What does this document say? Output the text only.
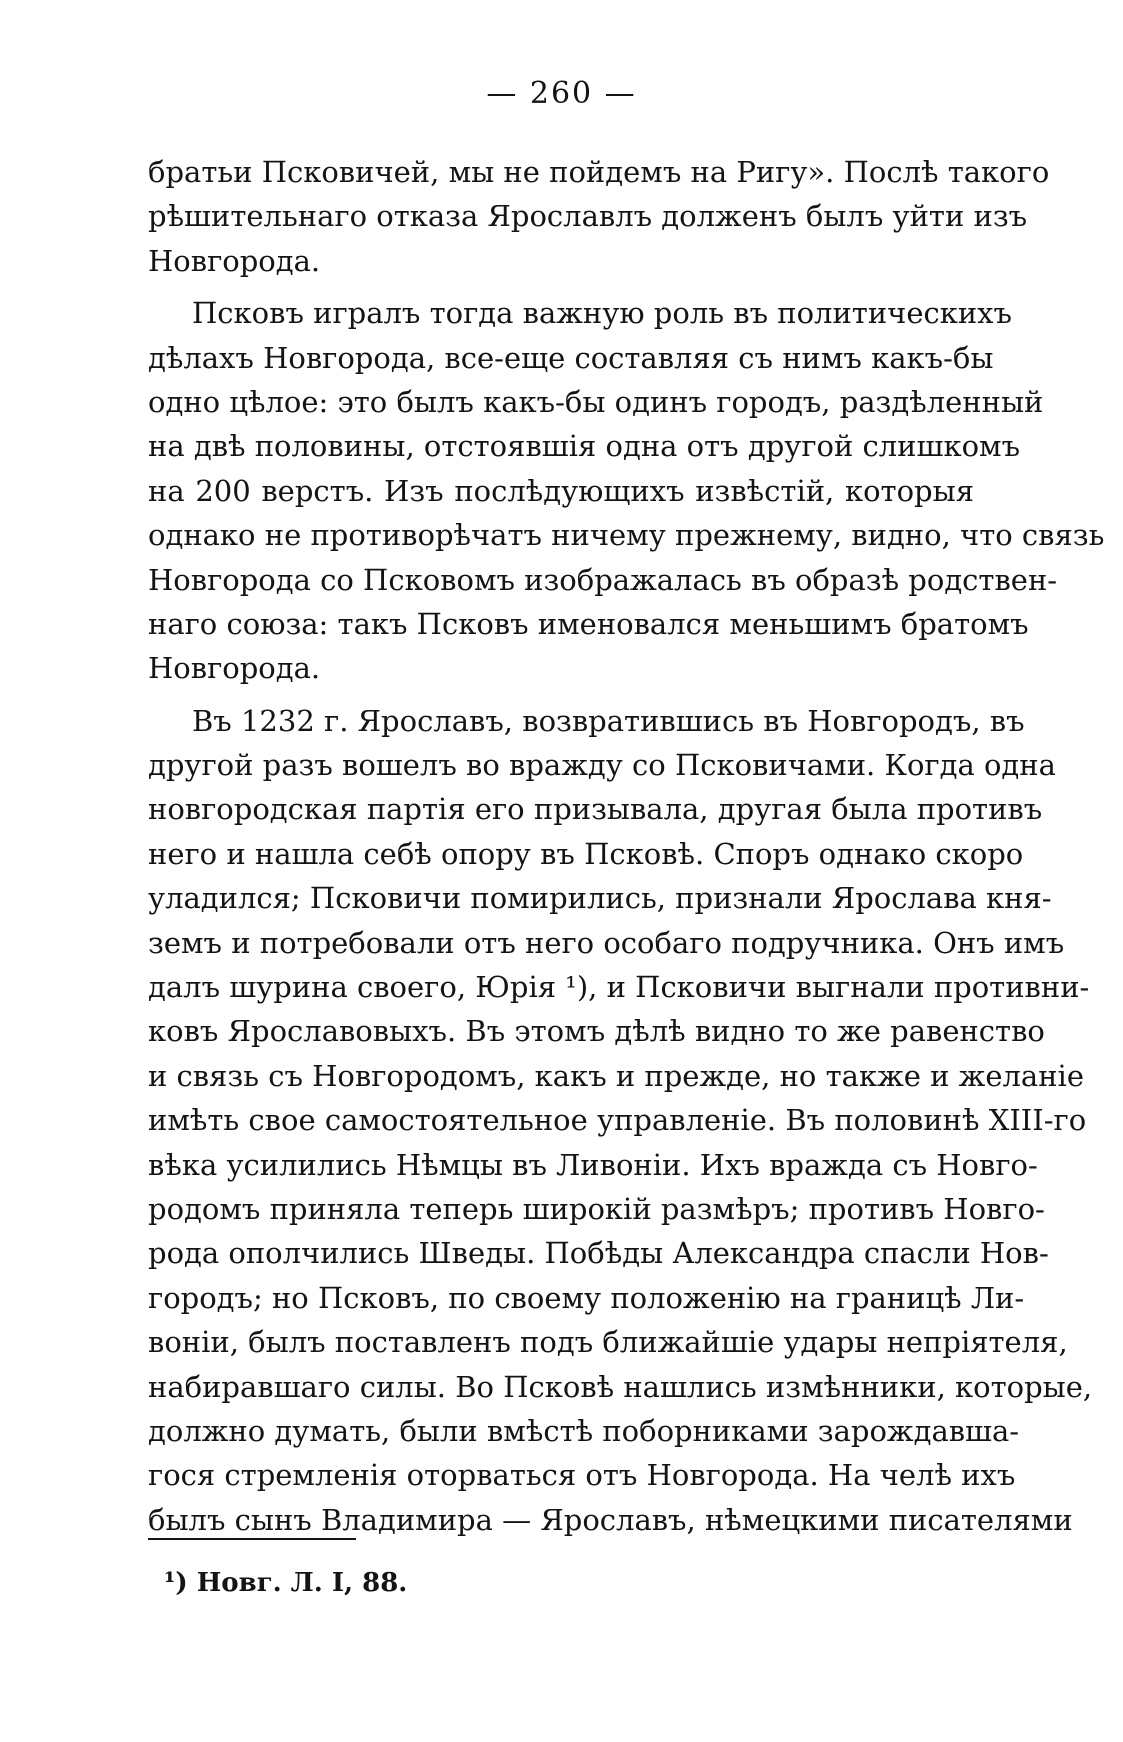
— 260 —
братьи Псковичей, мы не пойдемъ на Ригу». Послѣ такого
рѣшительнаго отказа Ярославлъ долженъ былъ уйти изъ
Новгорода.
Псковъ игралъ тогда важную роль въ политическихъ
дѣлахъ Новгорода, все-еще составляя съ нимъ какъ-бы
одно цѣлое: это былъ какъ-бы одинъ городъ, раздѣленный
на двѣ половины, отстоявшія одна отъ другой слишкомъ
на 200 верстъ. Изъ послѣдующихъ извѣстій, которыя
однако не противорѣчатъ ничему прежнему, видно, что связь
Новгорода со Псковомъ изображалась въ образѣ родствен-
наго союза: такъ Псковъ именовался меньшимъ братомъ
Новгорода.
Въ 1232 г. Ярославъ, возвратившись въ Новгородъ, въ
другой разъ вошелъ во вражду со Псковичами. Когда одна
новгородская партія его призывала, другая была противъ
него и нашла себѣ опору въ Псковѣ. Споръ однако скоро
уладился; Псковичи помирились, признали Ярослава кня-
земъ и потребовали отъ него особаго подручника. Онъ имъ
далъ шурина своего, Юрія ¹), и Псковичи выгнали противни-
ковъ Ярославовыхъ. Въ этомъ дѣлѣ видно то же равенство
и связь съ Новгородомъ, какъ и прежде, но также и желаніе
имѣть свое самостоятельное управленіе. Въ половинѣ XIII-го
вѣка усилились Нѣмцы въ Ливоніи. Ихъ вражда съ Новго-
родомъ приняла теперь широкій размѣръ; противъ Новго-
рода ополчились Шведы. Побѣды Александра спасли Нов-
городъ; но Псковъ, по своему положенію на границѣ Ли-
воніи, былъ поставленъ подъ ближайшіе удары непріятеля,
набиравшаго силы. Во Псковѣ нашлись измѣнники, которые,
должно думать, были вмѣстѣ поборниками зарождавша-
гося стремленія оторваться отъ Новгорода. На челѣ ихъ
былъ сынъ Владимира — Ярославъ, нѣмецкими писателями
¹) Новг. Л. I, 88.
